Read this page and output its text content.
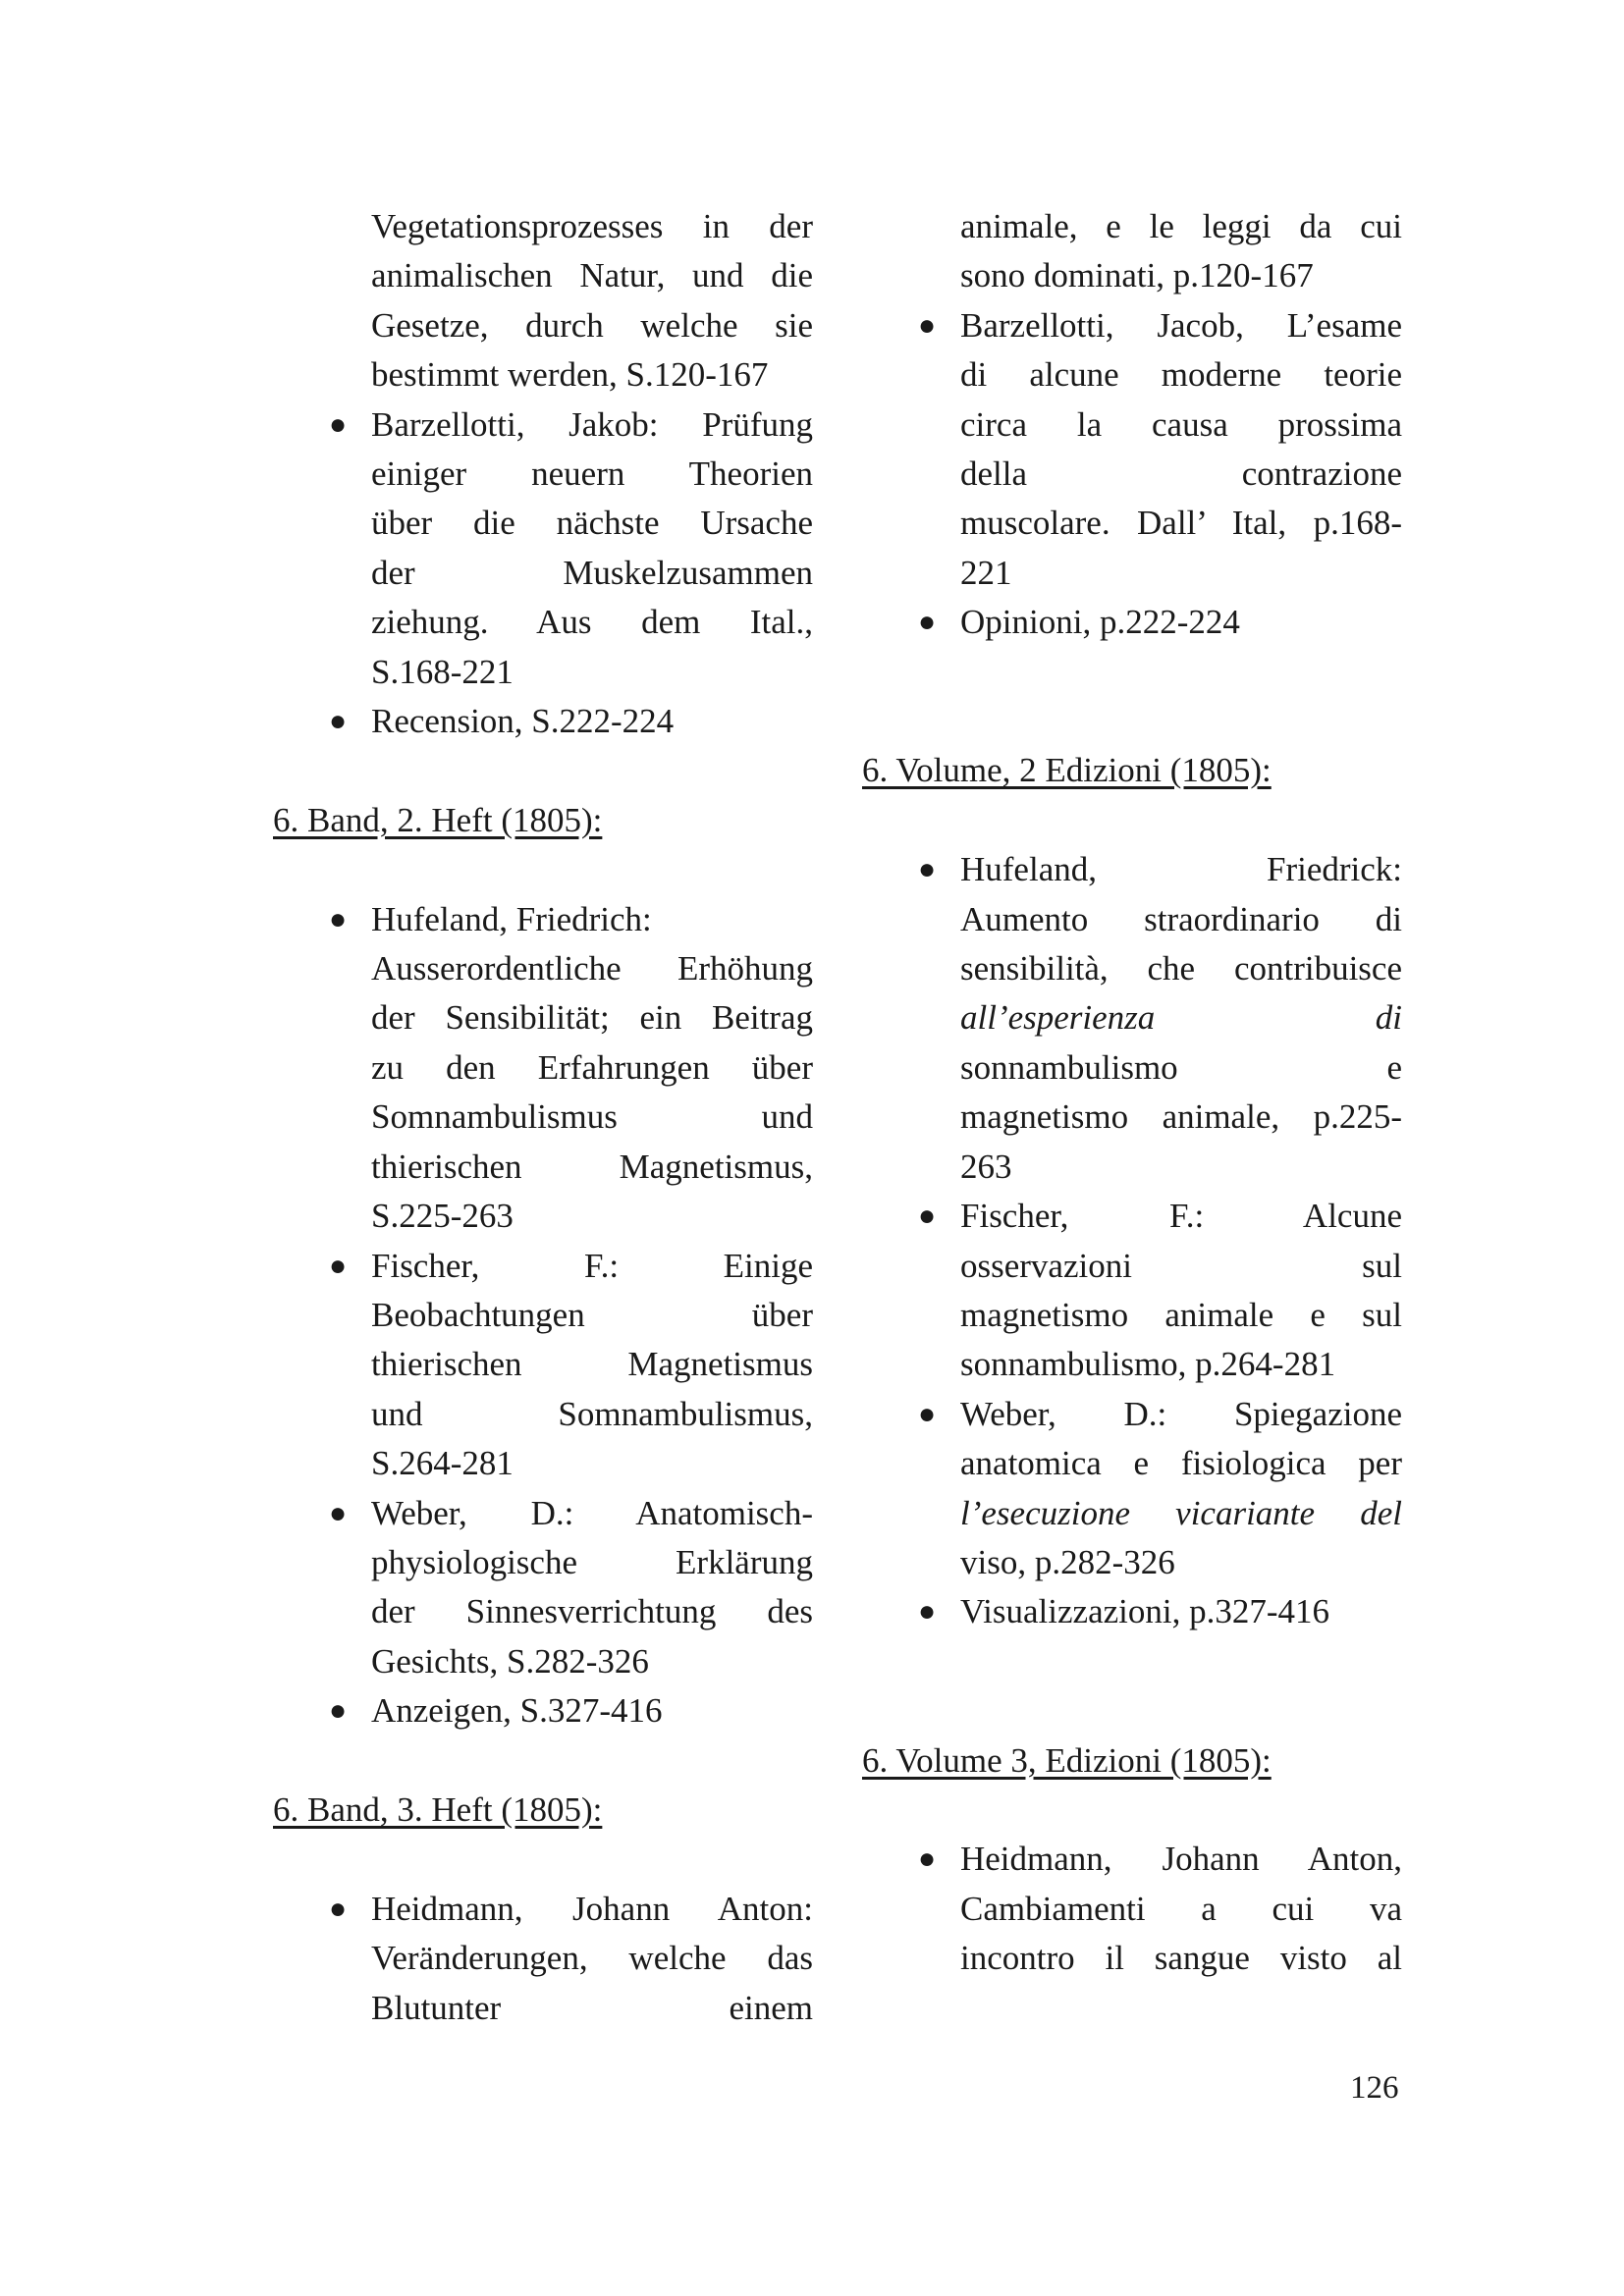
Vegetationsprozesses in der
animalischen Natur, und die
Gesetze, durch welche sie
bestimmt werden, S.120-167
● Barzellotti, Jakob: Prüfung
einiger neuern Theorien
über die nächste Ursache
der Muskelzusammen
ziehung. Aus dem Ital.,
S.168-221
● Recension, S.222-224
6. Band, 2. Heft (1805):
● Hufeland, Friedrich:
Ausserordentliche Erhöhung
der Sensibilität; ein Beitrag
zu den Erfahrungen über
Somnambulismus und
thierischen Magnetismus,
S.225-263
● Fischer, F.: Einige
Beobachtungen über
thierischen Magnetismus
und Somnambulismus,
S.264-281
● Weber, D.: Anatomisch-
physiologische Erklärung
der Sinnesverrichtung des
Gesichts, S.282-326
● Anzeigen, S.327-416
6. Band, 3. Heft (1805):
● Heidmann, Johann Anton:
Veränderungen, welche das
Blutunter einem
animale, e le leggi da cui
sono dominati, p.120-167
● Barzellotti, Jacob, L’esame
di alcune moderne teorie
circa la causa prossima
della contrazione
muscolare. Dall’ Ital, p.168-
221
● Opinioni, p.222-224

6. Volume, 2 Edizioni (1805):
● Hufeland, Friedrick:
Aumento straordinario di
sensibilità, che contribuisce
all’esperienza di
sonnambulismo e
magnetismo animale, p.225-
263
● Fischer, F.: Alcune
osservazioni sul
magnetismo animale e sul
sonnambulismo, p.264-281
● Weber, D.: Spiegazione
anatomica e fisiologica per
l’esecuzione vicariante del
viso, p.282-326
● Visualizzazioni, p.327-416

6. Volume 3, Edizioni (1805):
● Heidmann, Johann Anton,
Cambiamenti a cui va
incontro il sangue visto al
126
